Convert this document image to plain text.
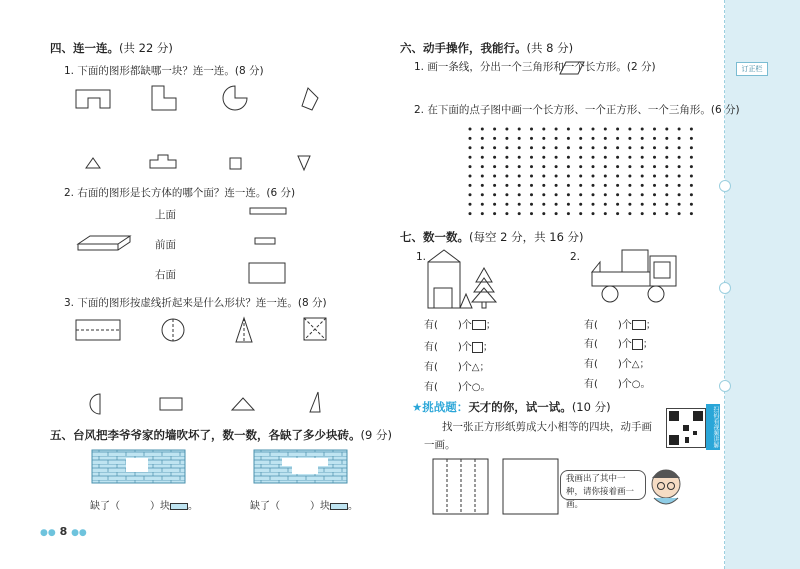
订正栏
四、连一连。(共 22 分)
1. 下面的图形都缺哪一块？连一连。(8 分)
2. 右面的图形是长方体的哪个面？连一连。(6 分)
上面
前面
右面
3. 下面的图形按虚线折起来是什么形状？连一连。(8 分)
五、台风把李爷爷家的墙吹坏了，数一数，各缺了多少块砖。(9 分)
缺了（　　　）块 。	缺了（　　　）块 。
●● 8 ●●
六、动手操作，我能行。(共 8 分)
1. 画一条线，分出一个三角形和一个长方形。(2 分)
2. 在下面的点子图中画一个长方形、一个正方形、一个三角形。(6 分)
七、数一数。(每空 2 分，共 16 分)
1.	2.
有(　　)个 ；
有(　　)个 ；
有(　　)个△；
有(　　)个○。
有(　　)个 ；
有(　　)个 ；
有(　　)个△；
有(　　)个○。
★挑战题：天才的你，试一试。(10 分)
找一张正方形纸剪成大小相等的四块，动手画
一画。
我画出了其中一种，请你接着画一画。
扫码看视频讲解
